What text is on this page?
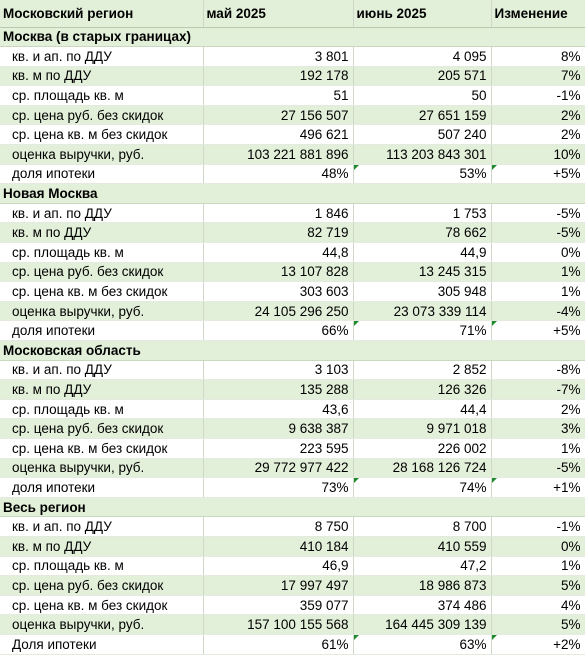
Московский регион	май 2025	июнь 2025	Изменение
Москва (в старых границах)			
кв. и ап. по ДДУ	3 801	4 095	8%
кв. м по ДДУ	192 178	205 571	7%
ср. площадь кв. м	51	50	-1%
ср. цена руб. без скидок	27 156 507	27 651 159	2%
ср. цена кв. м без скидок	496 621	507 240	2%
оценка выручки, руб.	103 221 881 896	113 203 843 301	10%
доля ипотеки	48%	53%	+5%
Новая Москва			
кв. и ап. по ДДУ	1 846	1 753	-5%
кв. м по ДДУ	82 719	78 662	-5%
ср. площадь кв. м	44,8	44,9	0%
ср. цена руб. без скидок	13 107 828	13 245 315	1%
ср. цена кв. м без скидок	303 603	305 948	1%
оценка выручки, руб.	24 105 296 250	23 073 339 114	-4%
доля ипотеки	66%	71%	+5%
Московская область			
кв. и ап. по ДДУ	3 103	2 852	-8%
кв. м по ДДУ	135 288	126 326	-7%
ср. площадь кв. м	43,6	44,4	2%
ср. цена руб. без скидок	9 638 387	9 971 018	3%
ср. цена кв. м без скидок	223 595	226 002	1%
оценка выручки, руб.	29 772 977 422	28 168 126 724	-5%
доля ипотеки	73%	74%	+1%
Весь регион			
кв. и ап. по ДДУ	8 750	8 700	-1%
кв. м по ДДУ	410 184	410 559	0%
ср. площадь кв. м	46,9	47,2	1%
ср. цена руб. без скидок	17 997 497	18 986 873	5%
ср. цена кв. м без скидок	359 077	374 486	4%
оценка выручки, руб.	157 100 155 568	164 445 309 139	5%
Доля ипотеки	61%	63%	+2%
